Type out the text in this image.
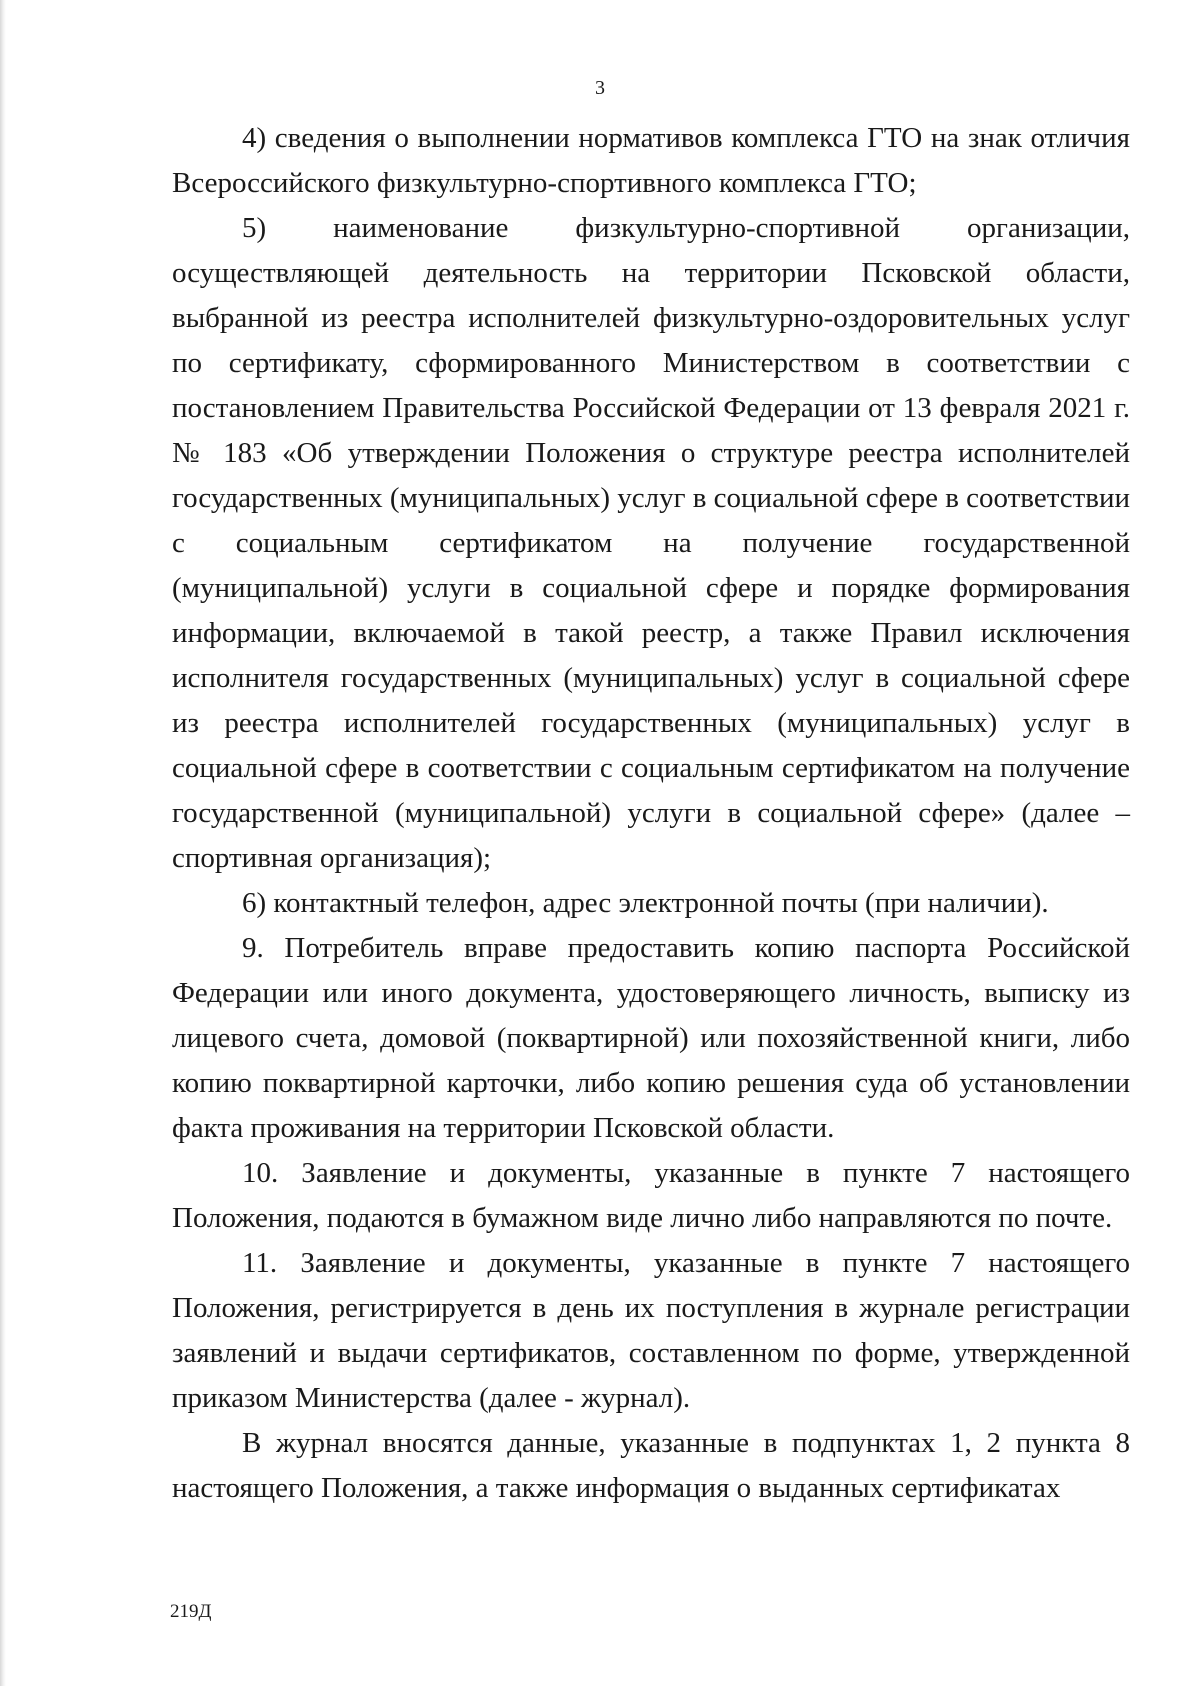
3

4) сведения о выполнении нормативов комплекса ГТО на знак отличия Всероссийского физкультурно-спортивного комплекса ГТО;

5) наименование физкультурно-спортивной организации, осуществляющей деятельность на территории Псковской области, выбранной из реестра исполнителей физкультурно-оздоровительных услуг по сертификату, сформированного Министерством в соответствии с постановлением Правительства Российской Федерации от 13 февраля 2021 г. № 183 «Об утверждении Положения о структуре реестра исполнителей государственных (муниципальных) услуг в социальной сфере в соответствии с социальным сертификатом на получение государственной (муниципальной) услуги в социальной сфере и порядке формирования информации, включаемой в такой реестр, а также Правил исключения исполнителя государственных (муниципальных) услуг в социальной сфере из реестра исполнителей государственных (муниципальных) услуг в социальной сфере в соответствии с социальным сертификатом на получение государственной (муниципальной) услуги в социальной сфере» (далее – спортивная организация);

6) контактный телефон, адрес электронной почты (при наличии).

9. Потребитель вправе предоставить копию паспорта Российской Федерации или иного документа, удостоверяющего личность, выписку из лицевого счета, домовой (поквартирной) или похозяйственной книги, либо копию поквартирной карточки, либо копию решения суда об установлении факта проживания на территории Псковской области.

10. Заявление и документы, указанные в пункте 7 настоящего Положения, подаются в бумажном виде лично либо направляются по почте.

11. Заявление и документы, указанные в пункте 7 настоящего Положения, регистрируется в день их поступления в журнале регистрации заявлений и выдачи сертификатов, составленном по форме, утвержденной приказом Министерства (далее - журнал).

В журнал вносятся данные, указанные в подпунктах 1, 2 пункта 8 настоящего Положения, а также информация о выданных сертификатах

219Д
